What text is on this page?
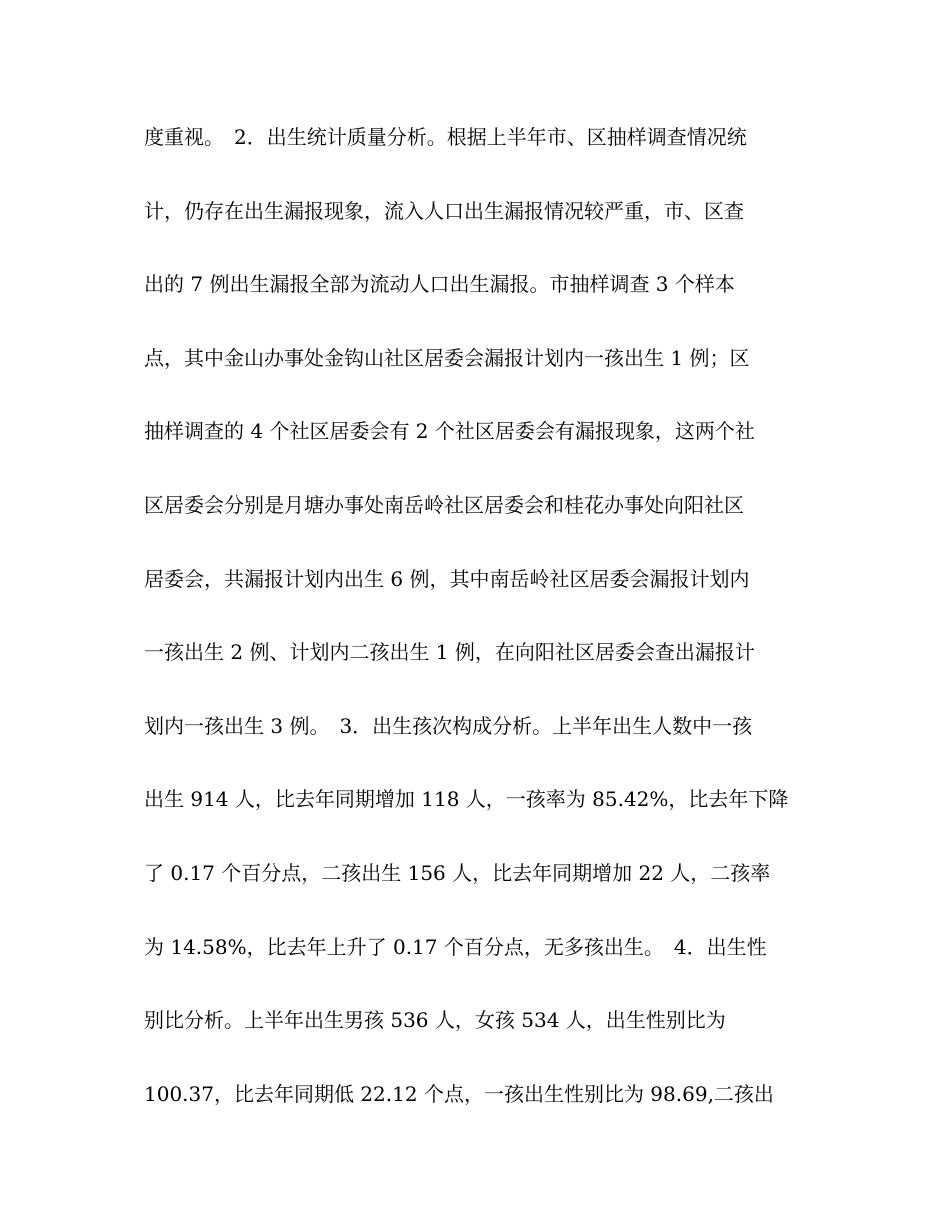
度重视。　2．出生统计质量分析。根据上半年市、区抽样调查情况统
计，仍存在出生漏报现象，流入人口出生漏报情况较严重，市、区查
出的 7 例出生漏报全部为流动人口出生漏报。市抽样调查 3 个样本
点，其中金山办事处金钩山社区居委会漏报计划内一孩出生 1 例；区
抽样调查的 4 个社区居委会有 2 个社区居委会有漏报现象，这两个社
区居委会分别是月塘办事处南岳岭社区居委会和桂花办事处向阳社区
居委会，共漏报计划内出生 6 例，其中南岳岭社区居委会漏报计划内
一孩出生 2 例、计划内二孩出生 1 例，在向阳社区居委会查出漏报计
划内一孩出生 3 例。　3．出生孩次构成分析。上半年出生人数中一孩
出生 914 人，比去年同期增加 118 人，一孩率为 85.42%，比去年下降
了 0.17 个百分点，二孩出生 156 人，比去年同期增加 22 人，二孩率
为 14.58%，比去年上升了 0.17 个百分点，无多孩出生。　4．出生性
别比分析。上半年出生男孩 536 人，女孩 534 人，出生性别比为
100.37，比去年同期低 22.12 个点，一孩出生性别比为 98.69,二孩出
